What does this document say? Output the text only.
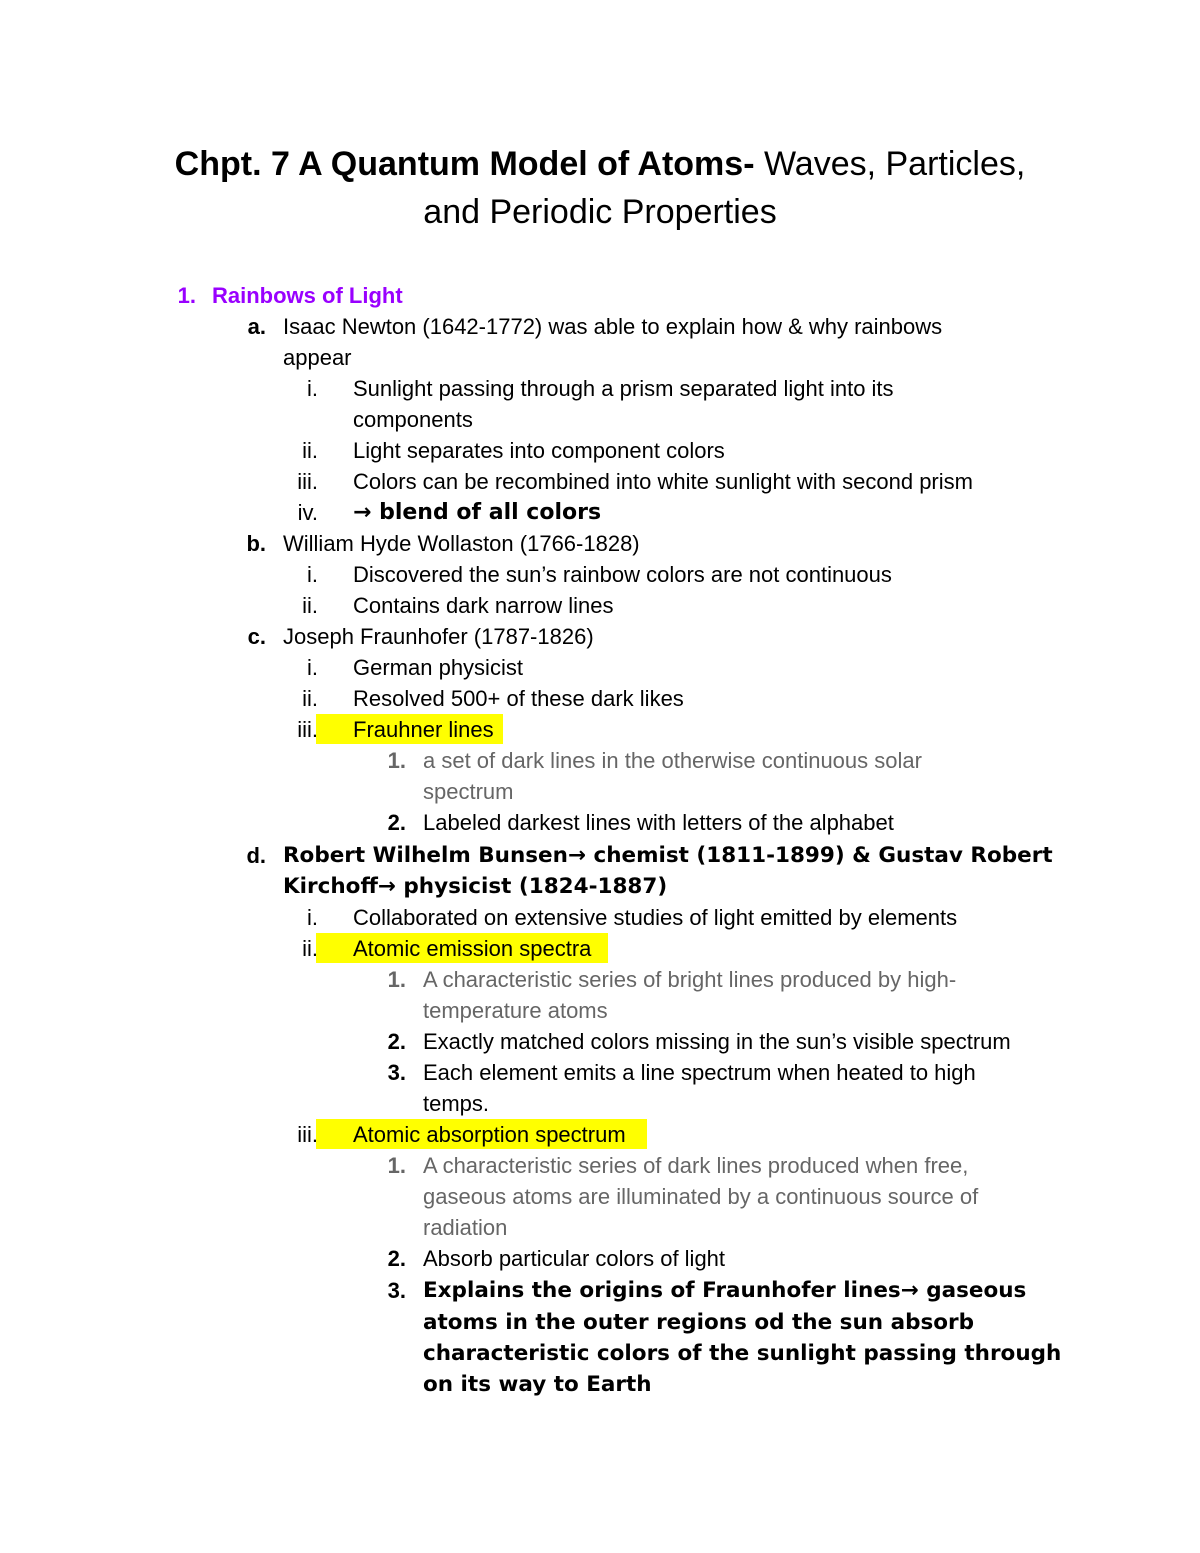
Chpt. 7 A Quantum Model of Atoms- Waves, Particles,
and Periodic Properties
1. Rainbows of Light
a. Isaac Newton (1642-1772) was able to explain how & why rainbows
appear
i. Sunlight passing through a prism separated light into its
components
ii. Light separates into component colors
iii. Colors can be recombined into white sunlight with second prism
iv. → blend of all colors
b. William Hyde Wollaston (1766-1828)
i. Discovered the sun’s rainbow colors are not continuous
ii. Contains dark narrow lines
c. Joseph Fraunhofer (1787-1826)
i. German physicist
ii. Resolved 500+ of these dark likes
iii. Frauhner lines
1. a set of dark lines in the otherwise continuous solar
spectrum
2. Labeled darkest lines with letters of the alphabet
d. Robert Wilhelm Bunsen→ chemist (1811-1899) & Gustav Robert
Kirchoff→ physicist (1824-1887)
i. Collaborated on extensive studies of light emitted by elements
ii. Atomic emission spectra
1. A characteristic series of bright lines produced by high-
temperature atoms
2. Exactly matched colors missing in the sun’s visible spectrum
3. Each element emits a line spectrum when heated to high
temps.
iii. Atomic absorption spectrum
1. A characteristic series of dark lines produced when free,
gaseous atoms are illuminated by a continuous source of
radiation
2. Absorb particular colors of light
3. Explains the origins of Fraunhofer lines→ gaseous
atoms in the outer regions od the sun absorb
characteristic colors of the sunlight passing through
on its way to Earth
